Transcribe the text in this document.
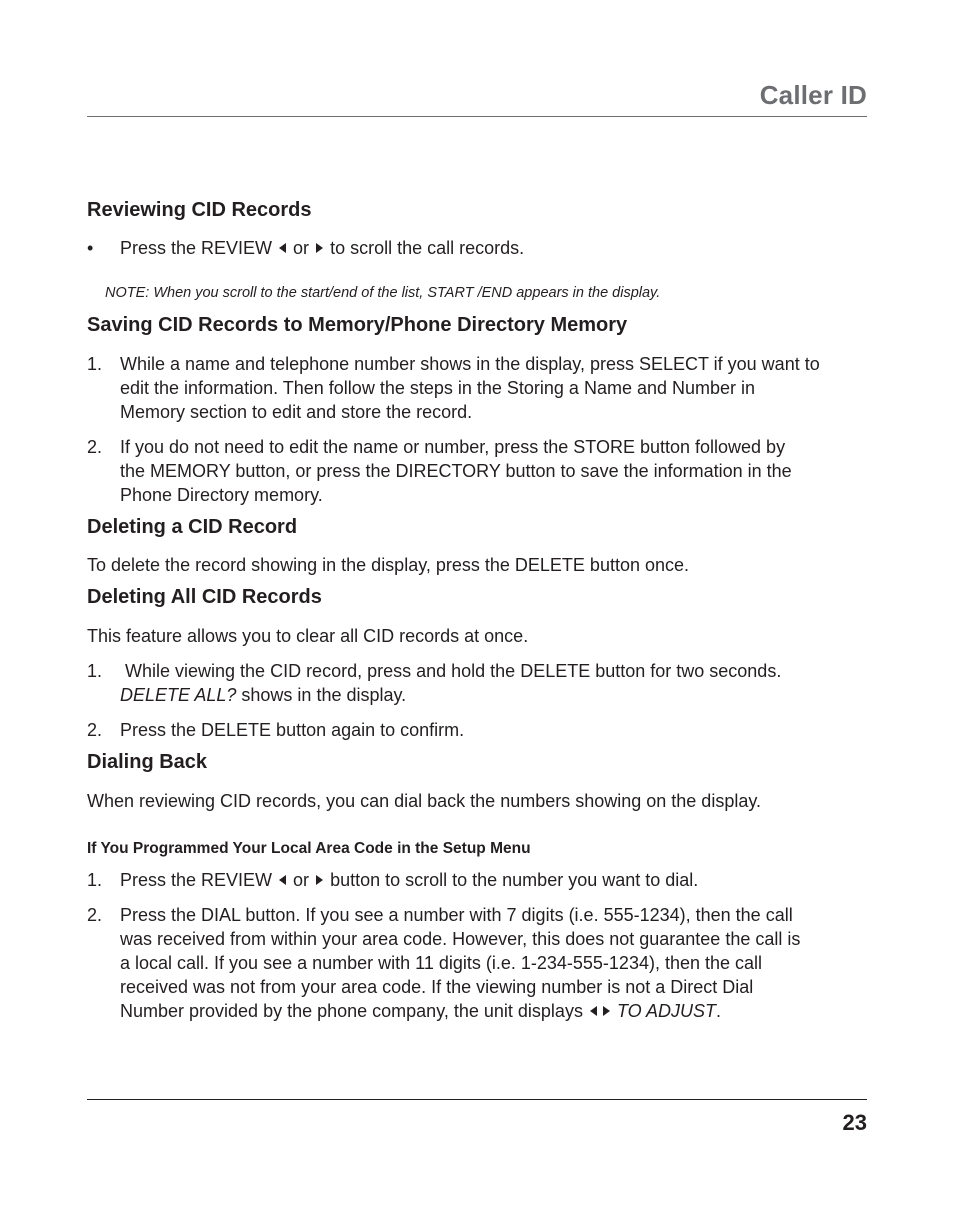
Caller ID
Reviewing CID Records
• Press the REVIEW or to scroll the call records.
NOTE: When you scroll to the start/end of the list, START /END appears in the display.
Saving CID Records to Memory/Phone Directory Memory
1. While a name and telephone number shows in the display, press SELECT if you want to
edit the information. Then follow the steps in the Storing a Name and Number in
Memory section to edit and store the record.
2. If you do not need to edit the name or number, press the STORE button followed by
the MEMORY button, or press the DIRECTORY button to save the information in the
Phone Directory memory.
Deleting a CID Record
To delete the record showing in the display, press the DELETE button once.
Deleting All CID Records
This feature allows you to clear all CID records at once.
1. While viewing the CID record, press and hold the DELETE button for two seconds.
DELETE ALL? shows in the display.
2. Press the DELETE button again to confirm.
Dialing Back
When reviewing CID records, you can dial back the numbers showing on the display.
If You Programmed Your Local Area Code in the Setup Menu
1. Press the REVIEW or button to scroll to the number you want to dial.
2. Press the DIAL button. If you see a number with 7 digits (i.e. 555-1234), then the call
was received from within your area code. However, this does not guarantee the call is
a local call. If you see a number with 11 digits (i.e. 1-234-555-1234), then the call
received was not from your area code. If the viewing number is not a Direct Dial
Number provided by the phone company, the unit displays TO ADJUST.
23
